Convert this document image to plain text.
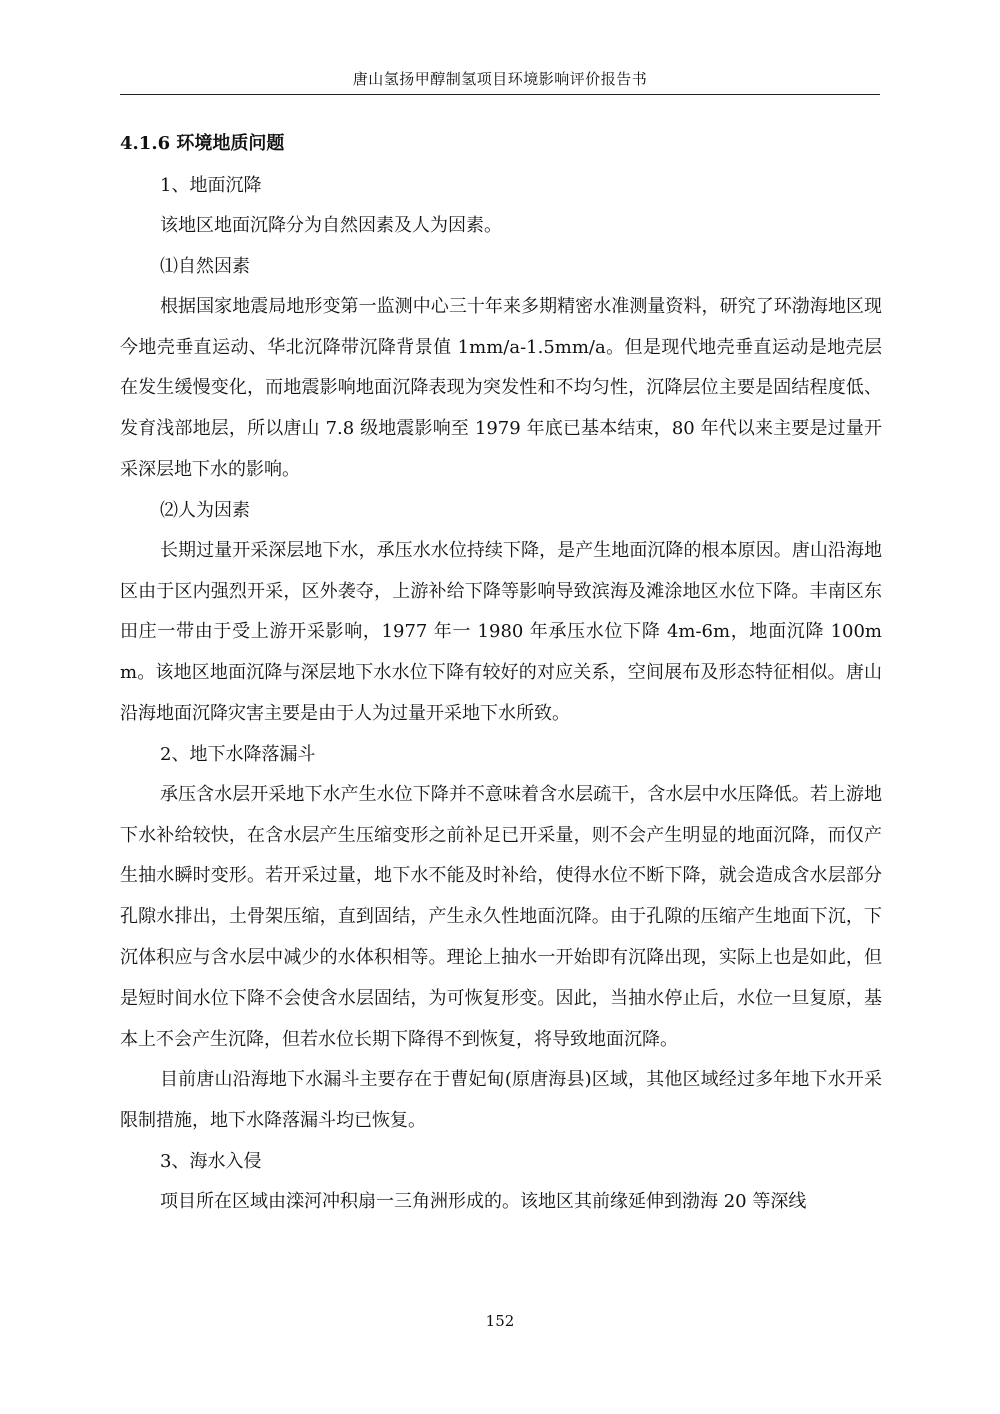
唐山氢扬甲醇制氢项目环境影响评价报告书

4.1.6 环境地质问题

1、地面沉降

该地区地面沉降分为自然因素及人为因素。

⑴自然因素

根据国家地震局地形变第一监测中心三十年来多期精密水准测量资料，研究了环渤海地区现今地壳垂直运动、华北沉降带沉降背景值 1mm/a-1.5mm/a。但是现代地壳垂直运动是地壳层在发生缓慢变化，而地震影响地面沉降表现为突发性和不均匀性，沉降层位主要是固结程度低、发育浅部地层，所以唐山 7.8 级地震影响至 1979 年底已基本结束，80 年代以来主要是过量开采深层地下水的影响。

⑵人为因素

长期过量开采深层地下水，承压水水位持续下降，是产生地面沉降的根本原因。唐山沿海地区由于区内强烈开采，区外袭夺，上游补给下降等影响导致滨海及滩涂地区水位下降。丰南区东田庄一带由于受上游开采影响，1977 年一 1980 年承压水位下降 4m-6m，地面沉降 100mm。该地区地面沉降与深层地下水水位下降有较好的对应关系，空间展布及形态特征相似。唐山沿海地面沉降灾害主要是由于人为过量开采地下水所致。

2、地下水降落漏斗

承压含水层开采地下水产生水位下降并不意味着含水层疏干，含水层中水压降低。若上游地下水补给较快，在含水层产生压缩变形之前补足已开采量，则不会产生明显的地面沉降，而仅产生抽水瞬时变形。若开采过量，地下水不能及时补给，使得水位不断下降，就会造成含水层部分孔隙水排出，土骨架压缩，直到固结，产生永久性地面沉降。由于孔隙的压缩产生地面下沉，下沉体积应与含水层中减少的水体积相等。理论上抽水一开始即有沉降出现，实际上也是如此，但是短时间水位下降不会使含水层固结，为可恢复形变。因此，当抽水停止后，水位一旦复原，基本上不会产生沉降，但若水位长期下降得不到恢复，将导致地面沉降。

目前唐山沿海地下水漏斗主要存在于曹妃甸(原唐海县)区域，其他区域经过多年地下水开采限制措施，地下水降落漏斗均已恢复。

3、海水入侵

项目所在区域由滦河冲积扇一三角洲形成的。该地区其前缘延伸到渤海 20 等深线

152
